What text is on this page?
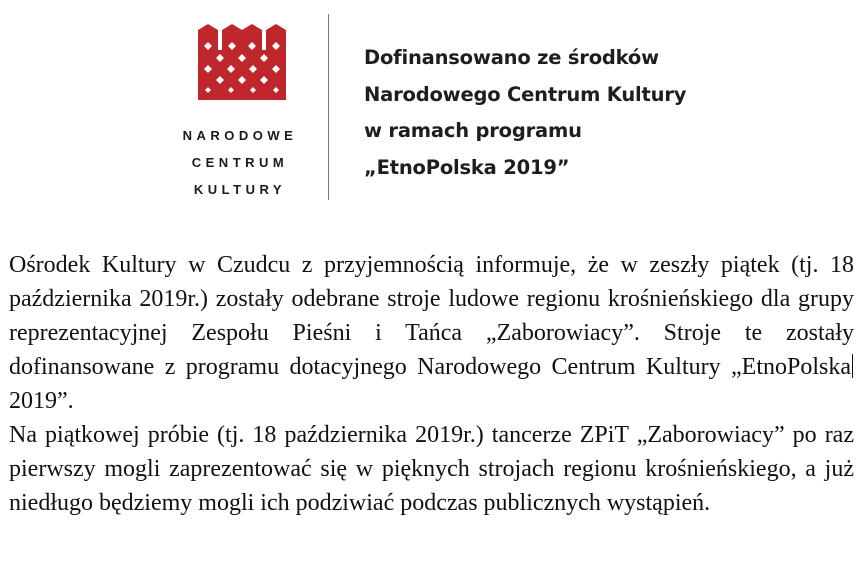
NARODOWE
CENTRUM
KULTURY
Dofinansowano ze środków
Narodowego Centrum Kultury
w ramach programu
„EtnoPolska 2019”

Ośrodek Kultury w Czudcu z przyjemnością informuje, że w zeszły piątek (tj. 18 października 2019r.) zostały odebrane stroje ludowe regionu krośnieńskiego dla grupy reprezentacyjnej Zespołu Pieśni i Tańca „Zaborowiacy”. Stroje te zostały dofinansowane z programu dotacyjnego Narodowego Centrum Kultury „EtnoPolska2019”.

Na piątkowej próbie (tj. 18 października 2019r.) tancerze ZPiT „Zaborowiacy” po raz pierwszy mogli zaprezentować się w pięknych strojach regionu krośnieńskiego, a już niedługo będziemy mogli ich podziwiać podczas publicznych wystąpień.
